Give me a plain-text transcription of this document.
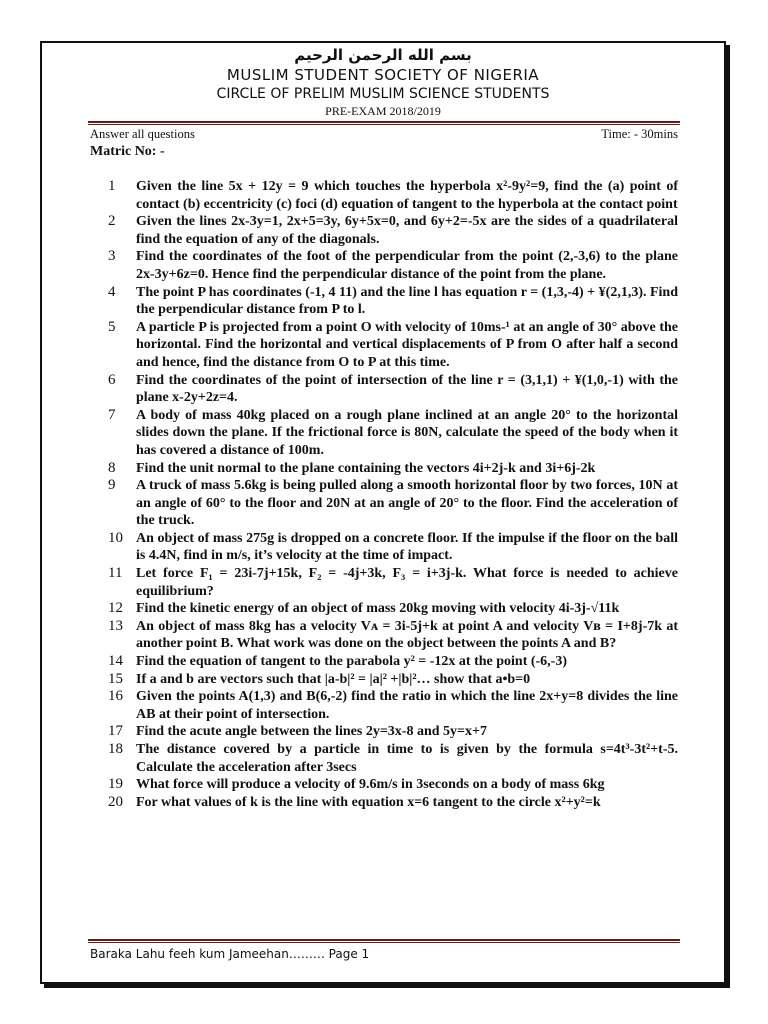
بسم الله الرحمن الرحيم
MUSLIM STUDENT SOCIETY OF NIGERIA
CIRCLE OF PRELIM MUSLIM SCIENCE STUDENTS
PRE-EXAM 2018/2019
Answer all questions	Time: - 30mins
Matric No: -
1	Given the line 5x + 12y = 9 which touches the hyperbola x²-9y²=9, find the (a) point of contact (b) eccentricity (c) foci (d) equation of tangent to the hyperbola at the contact point
2	Given the lines 2x-3y=1, 2x+5=3y, 6y+5x=0, and 6y+2=-5x are the sides of a quadrilateral find the equation of any of the diagonals.
3	Find the coordinates of the foot of the perpendicular from the point (2,-3,6) to the plane 2x-3y+6z=0. Hence find the perpendicular distance of the point from the plane.
4	The point P has coordinates (-1, 4 11) and the line l has equation r = (1,3,-4) + ¥(2,1,3). Find the perpendicular distance from P to l.
5	A particle P is projected from a point O with velocity of 10ms-¹ at an angle of 30° above the horizontal. Find the horizontal and vertical displacements of P from O after half a second and hence, find the distance from O to P at this time.
6	Find the coordinates of the point of intersection of the line r = (3,1,1) + ¥(1,0,-1) with the plane x-2y+2z=4.
7	A body of mass 40kg placed on a rough plane inclined at an angle 20° to the horizontal slides down the plane. If the frictional force is 80N, calculate the speed of the body when it has covered a distance of 100m.
8	Find the unit normal to the plane containing the vectors 4i+2j-k and 3i+6j-2k
9	A truck of mass 5.6kg is being pulled along a smooth horizontal floor by two forces, 10N at an angle of 60° to the floor and 20N at an angle of 20° to the floor. Find the acceleration of the truck.
10 An object of mass 275g is dropped on a concrete floor. If the impulse if the floor on the ball is 4.4N, find in m/s, it’s velocity at the time of impact.
11 Let force F₁ = 23i-7j+15k, F₂ = -4j+3k, F₃ = i+3j-k. What force is needed to achieve equilibrium?
12 Find the kinetic energy of an object of mass 20kg moving with velocity 4i-3j-√11k
13 An object of mass 8kg has a velocity Vᴀ = 3i-5j+k at point A and velocity Vʙ = I+8j-7k at another point B. What work was done on the object between the points A and B?
14 Find the equation of tangent to the parabola y² = -12x at the point (-6,-3)
15 If a and b are vectors such that |a-b|² = |a|² +|b|²… show that a•b=0
16 Given the points A(1,3) and B(6,-2) find the ratio in which the line 2x+y=8 divides the line AB at their point of intersection.
17 Find the acute angle between the lines 2y=3x-8 and 5y=x+7
18 The distance covered by a particle in time to is given by the formula s=4t³-3t²+t-5. Calculate the acceleration after 3secs
19 What force will produce a velocity of 9.6m/s in 3seconds on a body of mass 6kg
20 For what values of k is the line with equation x=6 tangent to the circle x²+y²=k
Baraka Lahu feeh kum Jameehan……… Page 1
